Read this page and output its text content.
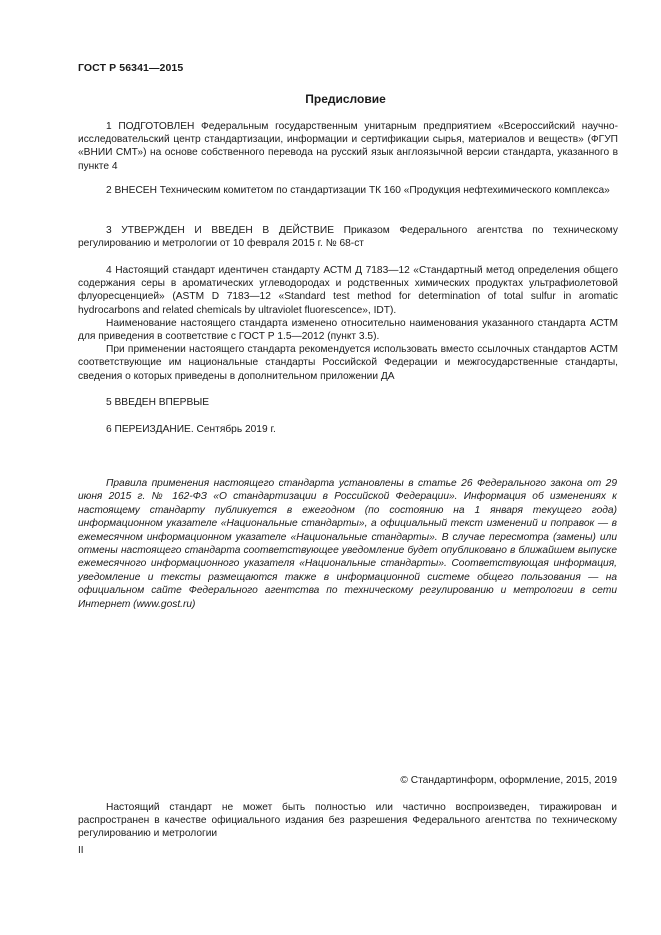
ГОСТ Р 56341—2015
Предисловие

1 ПОДГОТОВЛЕН Федеральным государственным унитарным предприятием «Всероссийский научно-исследовательский центр стандартизации, информации и сертификации сырья, материалов и веществ» (ФГУП «ВНИИ СМТ») на основе собственного перевода на русский язык англоязычной версии стандарта, указанного в пункте 4

2 ВНЕСЕН Техническим комитетом по стандартизации ТК 160 «Продукция нефтехимического комплекса»

3 УТВЕРЖДЕН И ВВЕДЕН В ДЕЙСТВИЕ Приказом Федерального агентства по техническому регулированию и метрологии от 10 февраля 2015 г. № 68-ст

4 Настоящий стандарт идентичен стандарту АСТМ Д 7183—12 «Стандартный метод определения общего содержания серы в ароматических углеводородах и родственных химических продуктах ультрафиолетовой флуоресценцией» (ASTM D 7183—12 «Standard test method for determination of total sulfur in aromatic hydrocarbons and related chemicals by ultraviolet fluorescence», IDT).

Наименование настоящего стандарта изменено относительно наименования указанного стандарта АСТМ для приведения в соответствие с ГОСТ Р 1.5—2012 (пункт 3.5).

При применении настоящего стандарта рекомендуется использовать вместо ссылочных стандартов АСТМ соответствующие им национальные стандарты Российской Федерации и межгосударственные стандарты, сведения о которых приведены в дополнительном приложении ДА

5 ВВЕДЕН ВПЕРВЫЕ

6 ПЕРЕИЗДАНИЕ. Сентябрь 2019 г.

Правила применения настоящего стандарта установлены в статье 26 Федерального закона от 29 июня 2015 г. № 162-ФЗ «О стандартизации в Российской Федерации». Информация об изменениях к настоящему стандарту публикуется в ежегодном (по состоянию на 1 января текущего года) информационном указателе «Национальные стандарты», а официальный текст изменений и поправок — в ежемесячном информационном указателе «Национальные стандарты». В случае пересмотра (замены) или отмены настоящего стандарта соответствующее уведомление будет опубликовано в ближайшем выпуске ежемесячного информационного указателя «Национальные стандарты». Соответствующая информация, уведомление и тексты размещаются также в информационной системе общего пользования — на официальном сайте Федерального агентства по техническому регулированию и метрологии в сети Интернет (www.gost.ru)

© Стандартинформ, оформление, 2015, 2019

Настоящий стандарт не может быть полностью или частично воспроизведен, тиражирован и распространен в качестве официального издания без разрешения Федерального агентства по техническому регулированию и метрологии

II
